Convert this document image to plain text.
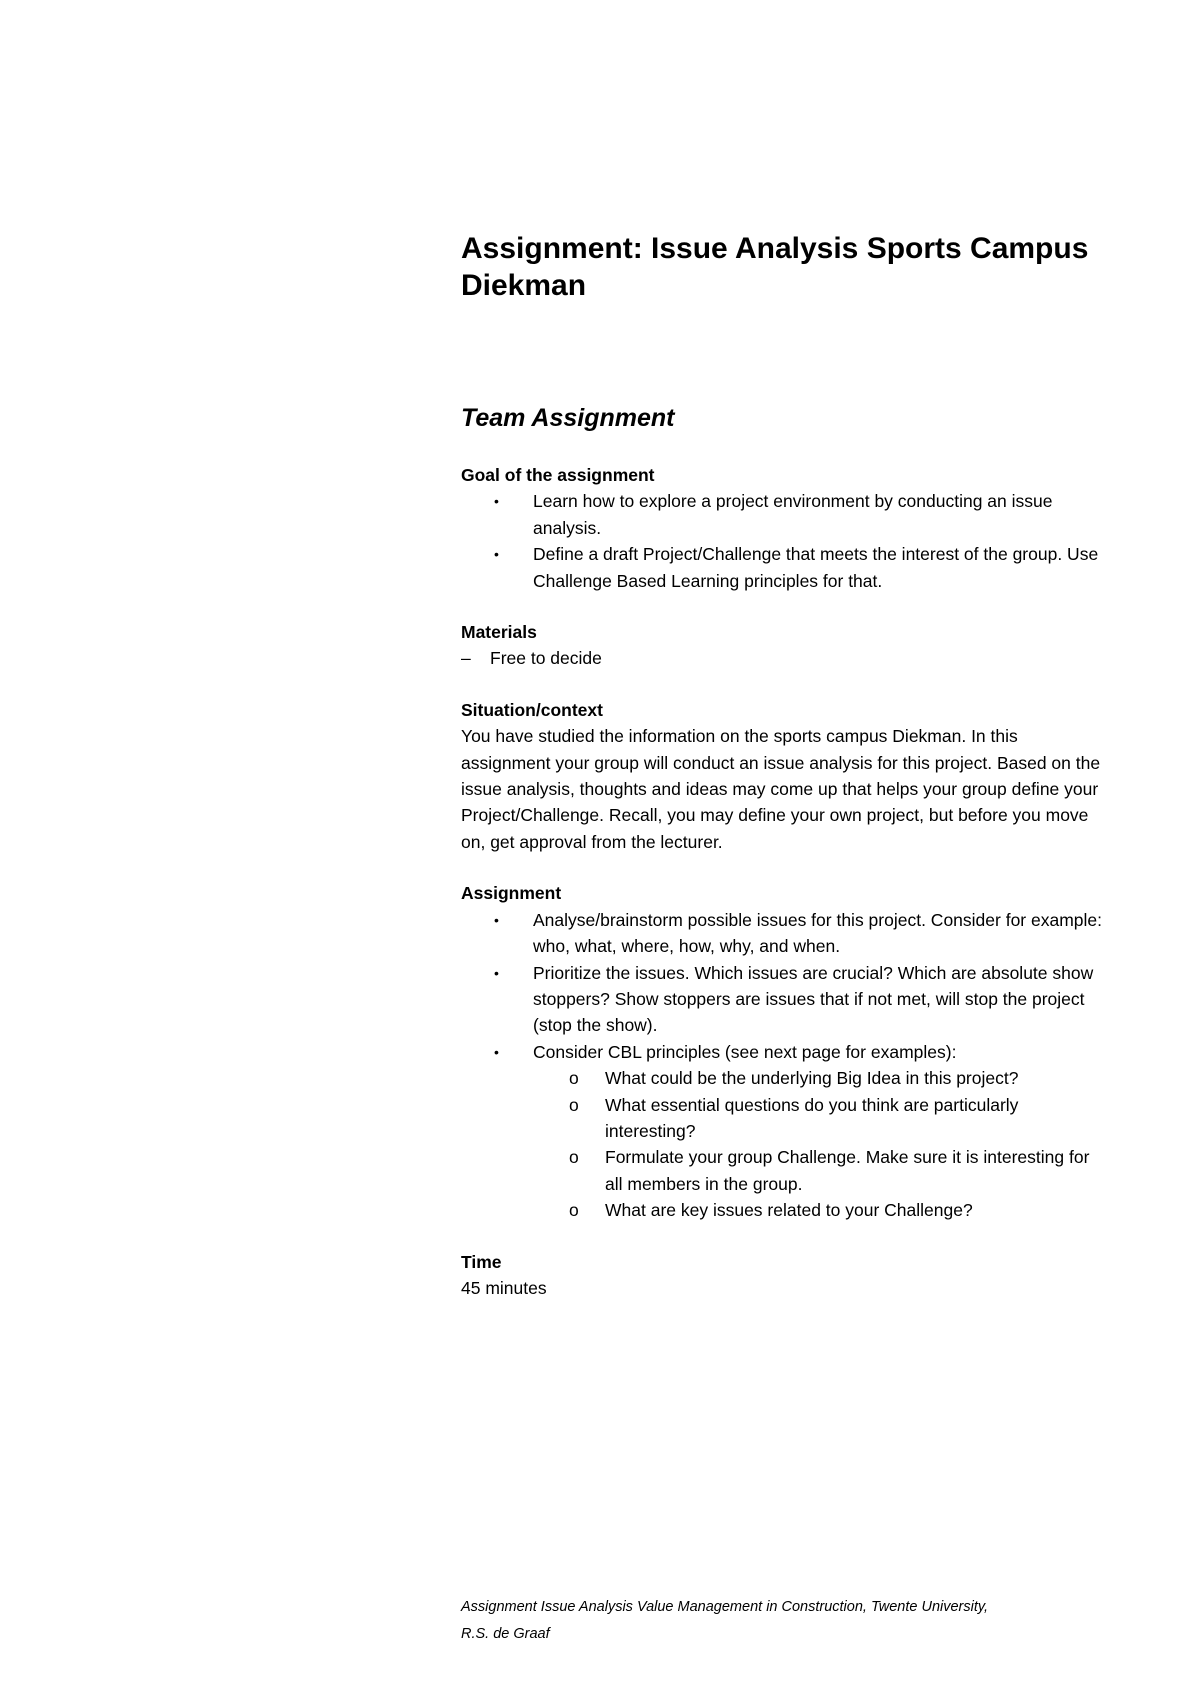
Assignment: Issue Analysis Sports Campus Diekman
Team Assignment

Goal of the assignment

• Learn how to explore a project environment by conducting an issue analysis.
• Define a draft Project/Challenge that meets the interest of the group. Use Challenge Based Learning principles for that.

Materials

– Free to decide

Situation/context

You have studied the information on the sports campus Diekman. In this assignment your group will conduct an issue analysis for this project. Based on the issue analysis, thoughts and ideas may come up that helps your group define your Project/Challenge. Recall, you may define your own project, but before you move on, get approval from the lecturer.

Assignment

• Analyse/brainstorm possible issues for this project. Consider for example: who, what, where, how, why, and when.
• Prioritize the issues. Which issues are crucial? Which are absolute show stoppers? Show stoppers are issues that if not met, will stop the project (stop the show).
• Consider CBL principles (see next page for examples):
o What could be the underlying Big Idea in this project?
o What essential questions do you think are particularly interesting?
o Formulate your group Challenge. Make sure it is interesting for all members in the group.
o What are key issues related to your Challenge?

Time

45 minutes

Assignment Issue Analysis Value Management in Construction, Twente University,
R.S. de Graaf
